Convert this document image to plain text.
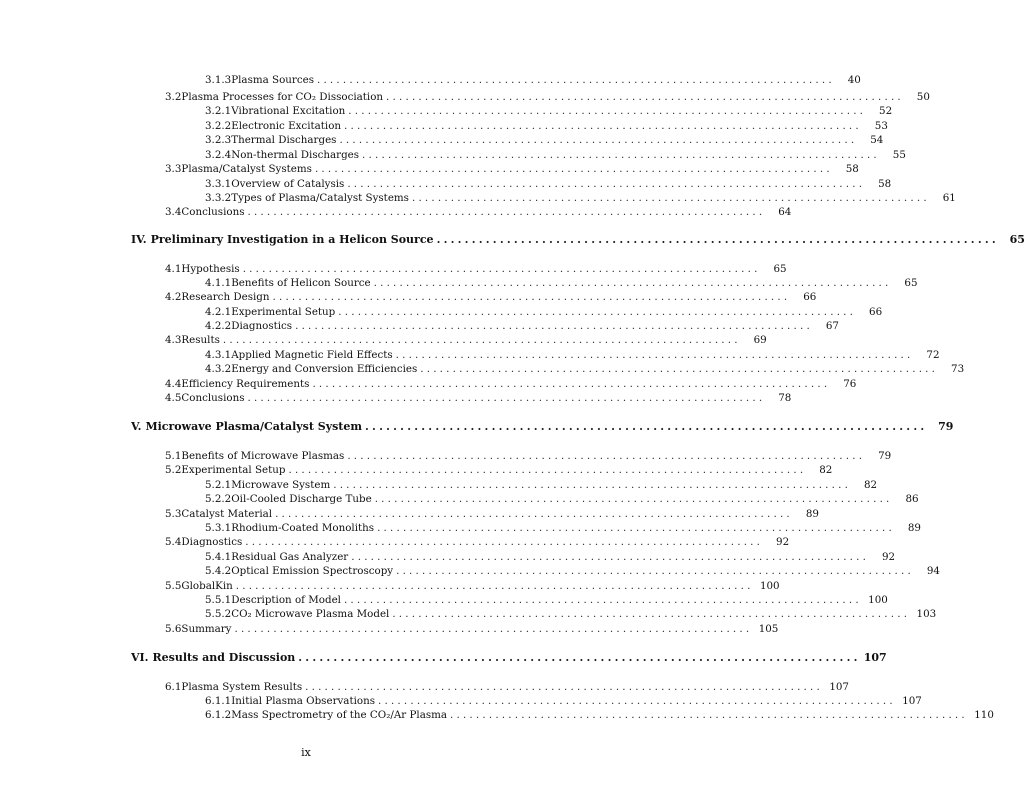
3.1.3 Plasma Sources ................................................................................	40
3.2 Plasma Processes for CO₂ Dissociation ................................................................................	50
3.2.1 Vibrational Excitation ................................................................................	52
3.2.2 Electronic Excitation ................................................................................	53
3.2.3 Thermal Discharges ................................................................................	54
3.2.4 Non-thermal Discharges ................................................................................	55
3.3 Plasma/Catalyst Systems ................................................................................	58
3.3.1 Overview of Catalysis ................................................................................	58
3.3.2 Types of Plasma/Catalyst Systems ................................................................................	61
3.4 Conclusions ................................................................................	64
IV. Preliminary Investigation in a Helicon Source ................................................................................ 65
4.1 Hypothesis ................................................................................	65
4.1.1 Benefits of Helicon Source ................................................................................	65
4.2 Research Design ................................................................................	66
4.2.1 Experimental Setup ................................................................................	66
4.2.2 Diagnostics ................................................................................	67
4.3 Results ................................................................................	69
4.3.1 Applied Magnetic Field Effects ................................................................................	72
4.3.2 Energy and Conversion Efficiencies ................................................................................	73
4.4 Efficiency Requirements ................................................................................	76
4.5 Conclusions ................................................................................	78
V. Microwave Plasma/Catalyst System ................................................................................ 79
5.1 Benefits of Microwave Plasmas ................................................................................	79
5.2 Experimental Setup ................................................................................	82
5.2.1 Microwave System ................................................................................	82
5.2.2 Oil-Cooled Discharge Tube ................................................................................	86
5.3 Catalyst Material ................................................................................	89
5.3.1 Rhodium-Coated Monoliths ................................................................................	89
5.4 Diagnostics ................................................................................	92
5.4.1 Residual Gas Analyzer ................................................................................	92
5.4.2 Optical Emission Spectroscopy ................................................................................	94
5.5 GlobalKin ................................................................................ 100
5.5.1 Description of Model ................................................................................ 100
5.5.2 CO₂ Microwave Plasma Model ................................................................................ 103
5.6 Summary ................................................................................ 105
VI. Results and Discussion ................................................................................ 107
6.1 Plasma System Results ................................................................................ 107
6.1.1 Initial Plasma Observations ................................................................................ 107
6.1.2 Mass Spectrometry of the CO₂/Ar Plasma ................................................................................ 110
ix
